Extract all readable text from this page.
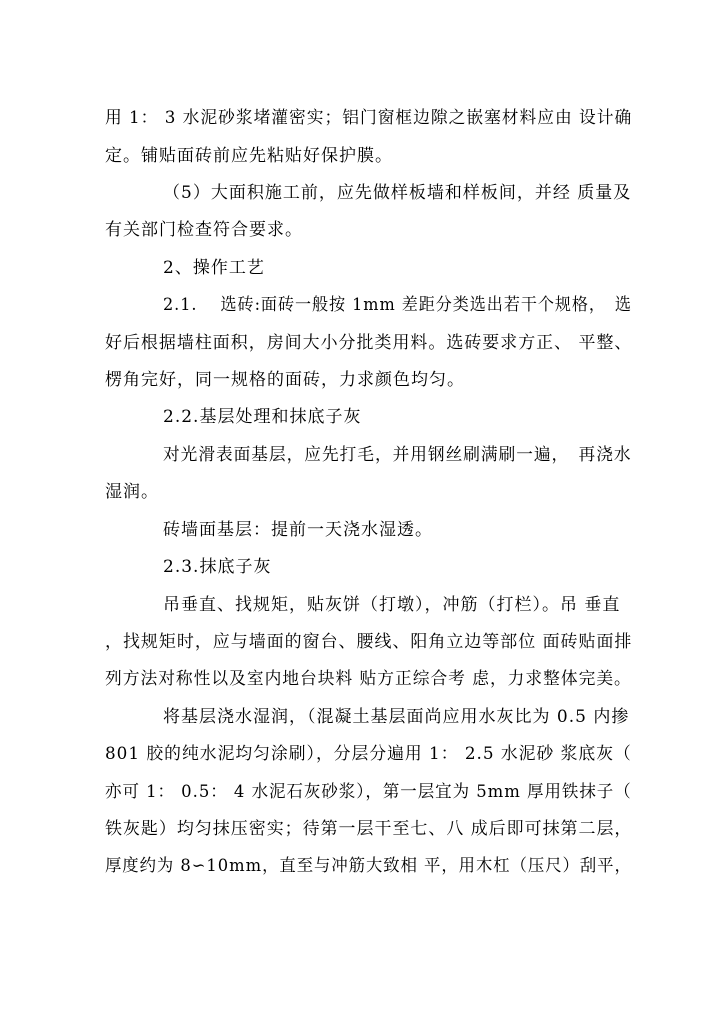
用 1： 3 水泥砂浆堵灌密实；铝门窗框边隙之嵌塞材料应由 设计确

定。铺贴面砖前应先粘贴好保护膜。

（5）大面积施工前，应先做样板墙和样板间，并经 质量及

有关部门检查符合要求。

2、操作工艺

2.1.　 选砖:面砖一般按 1mm 差距分类选出若干个规格，　选

好后根据墙柱面积，房间大小分批类用料。选砖要求方正、 平整、

楞角完好，同一规格的面砖，力求颜色均匀。

2.2.基层处理和抹底子灰

对光滑表面基层，应先打毛，并用钢丝刷满刷一遍，　再浇水

湿润。

砖墙面基层：提前一天浇水湿透。

2.3.抹底子灰

吊垂直、找规矩，贴灰饼（打墩），冲筋（打栏）。吊 垂直

，找规矩时，应与墙面的窗台、腰线、阳角立边等部位 面砖贴面排

列方法对称性以及室内地台块料 贴方正综合考 虑，力求整体完美。

将基层浇水湿润，（混凝土基层面尚应用水灰比为 0.5 内掺

801 胶的纯水泥均匀涂刷），分层分遍用 1： 2.5 水泥砂 浆底灰（

亦可 1： 0.5： 4 水泥石灰砂浆），第一层宜为 5mm 厚用铁抹子（

铁灰匙）均匀抹压密实；待第一层干至七、八 成后即可抹第二层，

厚度约为 8∽10mm，直至与冲筋大致相 平，用木杠（压尺）刮平，
